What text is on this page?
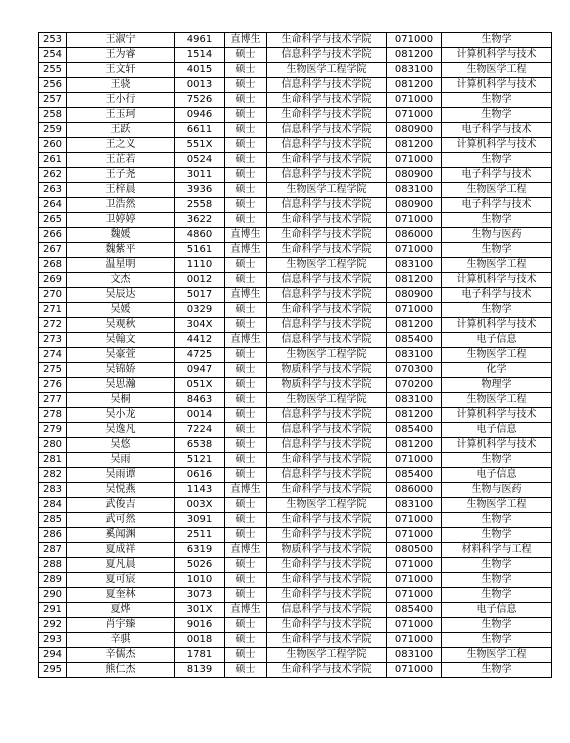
253	王淑宁	4961	直博生	生命科学与技术学院	071000	生物学
254	王为睿	1514	硕士	信息科学与技术学院	081200	计算机科学与技术
255	王文轩	4015	硕士	生物医学工程学院	083100	生物医学工程
256	王骁	0013	硕士	信息科学与技术学院	081200	计算机科学与技术
257	王小行	7526	硕士	生命科学与技术学院	071000	生物学
258	王玉珂	0946	硕士	生命科学与技术学院	071000	生物学
259	王跃	6611	硕士	信息科学与技术学院	080900	电子科学与技术
260	王之义	551X	硕士	信息科学与技术学院	081200	计算机科学与技术
261	王芷若	0524	硕士	生命科学与技术学院	071000	生物学
262	王子尧	3011	硕士	信息科学与技术学院	080900	电子科学与技术
263	王梓晨	3936	硕士	生物医学工程学院	083100	生物医学工程
264	卫浩然	2558	硕士	信息科学与技术学院	080900	电子科学与技术
265	卫婷婷	3622	硕士	生命科学与技术学院	071000	生物学
266	魏媛	4860	直博生	生命科学与技术学院	086000	生物与医药
267	魏紫平	5161	直博生	生命科学与技术学院	071000	生物学
268	温星明	1110	硕士	生物医学工程学院	083100	生物医学工程
269	文杰	0012	硕士	信息科学与技术学院	081200	计算机科学与技术
270	吴辰达	5017	直博生	信息科学与技术学院	080900	电子科学与技术
271	吴媛	0329	硕士	生命科学与技术学院	071000	生物学
272	吴观秋	304X	硕士	信息科学与技术学院	081200	计算机科学与技术
273	吴翰文	4412	直博生	信息科学与技术学院	085400	电子信息
274	吴豪萱	4725	硕士	生物医学工程学院	083100	生物医学工程
275	吴锦娇	0947	硕士	物质科学与技术学院	070300	化学
276	吴思瀚	051X	硕士	物质科学与技术学院	070200	物理学
277	吴桐	8463	硕士	生物医学工程学院	083100	生物医学工程
278	吴小龙	0014	硕士	信息科学与技术学院	081200	计算机科学与技术
279	吴逸凡	7224	硕士	信息科学与技术学院	085400	电子信息
280	吴悠	6538	硕士	信息科学与技术学院	081200	计算机科学与技术
281	吴雨	5121	硕士	生命科学与技术学院	071000	生物学
282	吴雨谭	0616	硕士	信息科学与技术学院	085400	电子信息
283	吴悦燕	1143	直博生	生命科学与技术学院	086000	生物与医药
284	武俊吉	003X	硕士	生物医学工程学院	083100	生物医学工程
285	武可然	3091	硕士	生命科学与技术学院	071000	生物学
286	奚闻渊	2511	硕士	生命科学与技术学院	071000	生物学
287	夏成祥	6319	直博生	物质科学与技术学院	080500	材料科学与工程
288	夏凡晨	5026	硕士	生命科学与技术学院	071000	生物学
289	夏可宸	1010	硕士	生命科学与技术学院	071000	生物学
290	夏奎林	3073	硕士	生命科学与技术学院	071000	生物学
291	夏烨	301X	直博生	信息科学与技术学院	085400	电子信息
292	肖宇臻	9016	硕士	生命科学与技术学院	071000	生物学
293	辛骐	0018	硕士	生命科学与技术学院	071000	生物学
294	辛儒杰	1781	硕士	生物医学工程学院	083100	生物医学工程
295	熊仁杰	8139	硕士	生命科学与技术学院	071000	生物学
